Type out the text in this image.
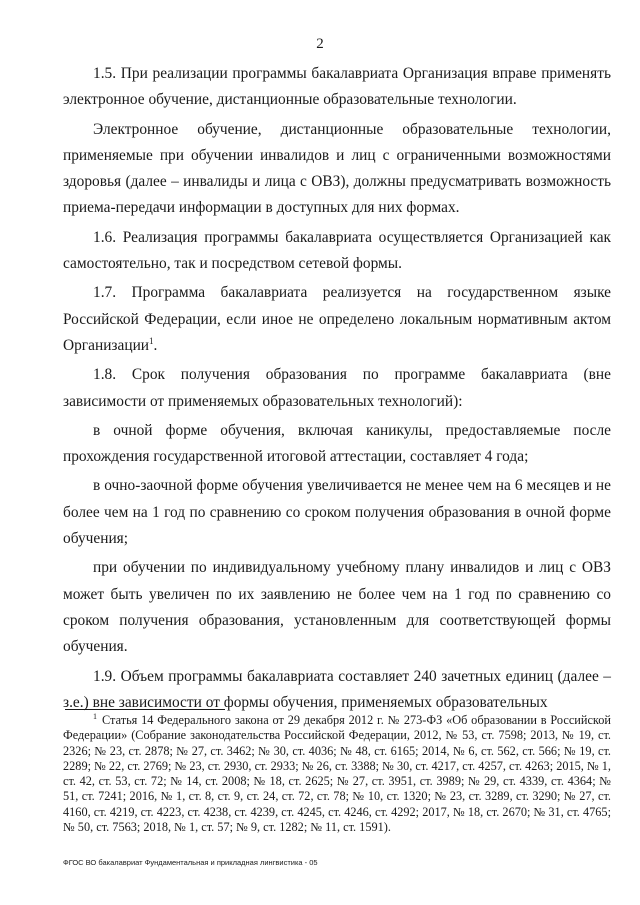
2

1.5. При реализации программы бакалавриата Организация вправе применять электронное обучение, дистанционные образовательные технологии.

Электронное обучение, дистанционные образовательные технологии, применяемые при обучении инвалидов и лиц с ограниченными возможностями здоровья (далее – инвалиды и лица с ОВЗ), должны предусматривать возможность приема-передачи информации в доступных для них формах.

1.6. Реализация программы бакалавриата осуществляется Организацией как самостоятельно, так и посредством сетевой формы.

1.7. Программа бакалавриата реализуется на государственном языке Российской Федерации, если иное не определено локальным нормативным актом Организации$^1$.

1.8. Срок получения образования по программе бакалавриата (вне зависимости от применяемых образовательных технологий):

в очной форме обучения, включая каникулы, предоставляемые после прохождения государственной итоговой аттестации, составляет 4 года;

в очно-заочной форме обучения увеличивается не менее чем на 6 месяцев и не более чем на 1 год по сравнению со сроком получения образования в очной форме обучения;

при обучении по индивидуальному учебному плану инвалидов и лиц с ОВЗ может быть увеличен по их заявлению не более чем на 1 год по сравнению со сроком получения образования, установленным для соответствующей формы обучения.

1.9. Объем программы бакалавриата составляет 240 зачетных единиц (далее – з.е.) вне зависимости от формы обучения, применяемых образовательных

$^1$ Статья 14 Федерального закона от 29 декабря 2012 г. № 273-ФЗ «Об образовании в Российской Федерации» (Собрание законодательства Российской Федерации, 2012, № 53, ст. 7598; 2013, № 19, ст. 2326; № 23, ст. 2878; № 27, ст. 3462; № 30, ст. 4036; № 48, ст. 6165; 2014, № 6, ст. 562, ст. 566; № 19, ст. 2289; № 22, ст. 2769; № 23, ст. 2930, ст. 2933; № 26, ст. 3388; № 30, ст. 4217, ст. 4257, ст. 4263; 2015, № 1, ст. 42, ст. 53, ст. 72; № 14, ст. 2008; № 18, ст. 2625; № 27, ст. 3951, ст. 3989; № 29, ст. 4339, ст. 4364; № 51, ст. 7241; 2016, № 1, ст. 8, ст. 9, ст. 24, ст. 72, ст. 78; № 10, ст. 1320; № 23, ст. 3289, ст. 3290; № 27, ст. 4160, ст. 4219, ст. 4223, ст. 4238, ст. 4239, ст. 4245, ст. 4246, ст. 4292; 2017, № 18, ст. 2670; № 31, ст. 4765; № 50, ст. 7563; 2018, № 1, ст. 57; № 9, ст. 1282; № 11, ст. 1591).
ФГОС ВО бакалавриат Фундаментальная и прикладная лингвистика - 05
